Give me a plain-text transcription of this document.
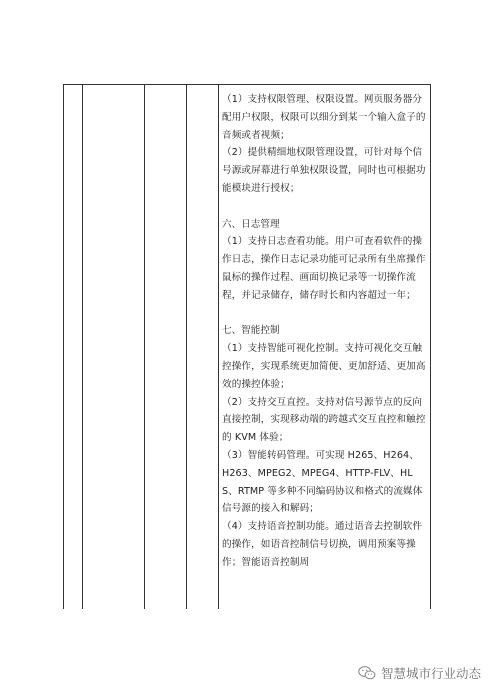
（1）支持权限管理、权限设置。网页服务器分配用户权限，权限可以细分到某一个输入盒子的音频或者视频；

（2）提供精细地权限管理设置，可针对每个信号源或屏幕进行单独权限设置，同时也可根据功能模块进行授权；

六、日志管理

（1）支持日志查看功能。用户可查看软件的操作日志，操作日志记录功能可记录所有坐席操作鼠标的操作过程、画面切换记录等一切操作流程，并记录储存，储存时长和内容超过一年；

七、智能控制

（1）支持智能可视化控制。支持可视化交互触控操作，实现系统更加简便、更加舒适、更加高效的操控体验；

（2）支持交互直控。支持对信号源节点的反向直接控制，实现移动端的跨越式交互直控和触控的 KVM 体验；

（3）智能转码管理。可实现 H265、H264、H263、MPEG2、MPEG4、HTTP-FLV、HLS、RTMP 等多种不同编码协议和格式的流媒体信号源的接入和解码；

（4）支持语音控制功能。通过语音去控制软件的操作，如语音控制信号切换，调用预案等操作；智能语音控制周

智慧城市行业动态
